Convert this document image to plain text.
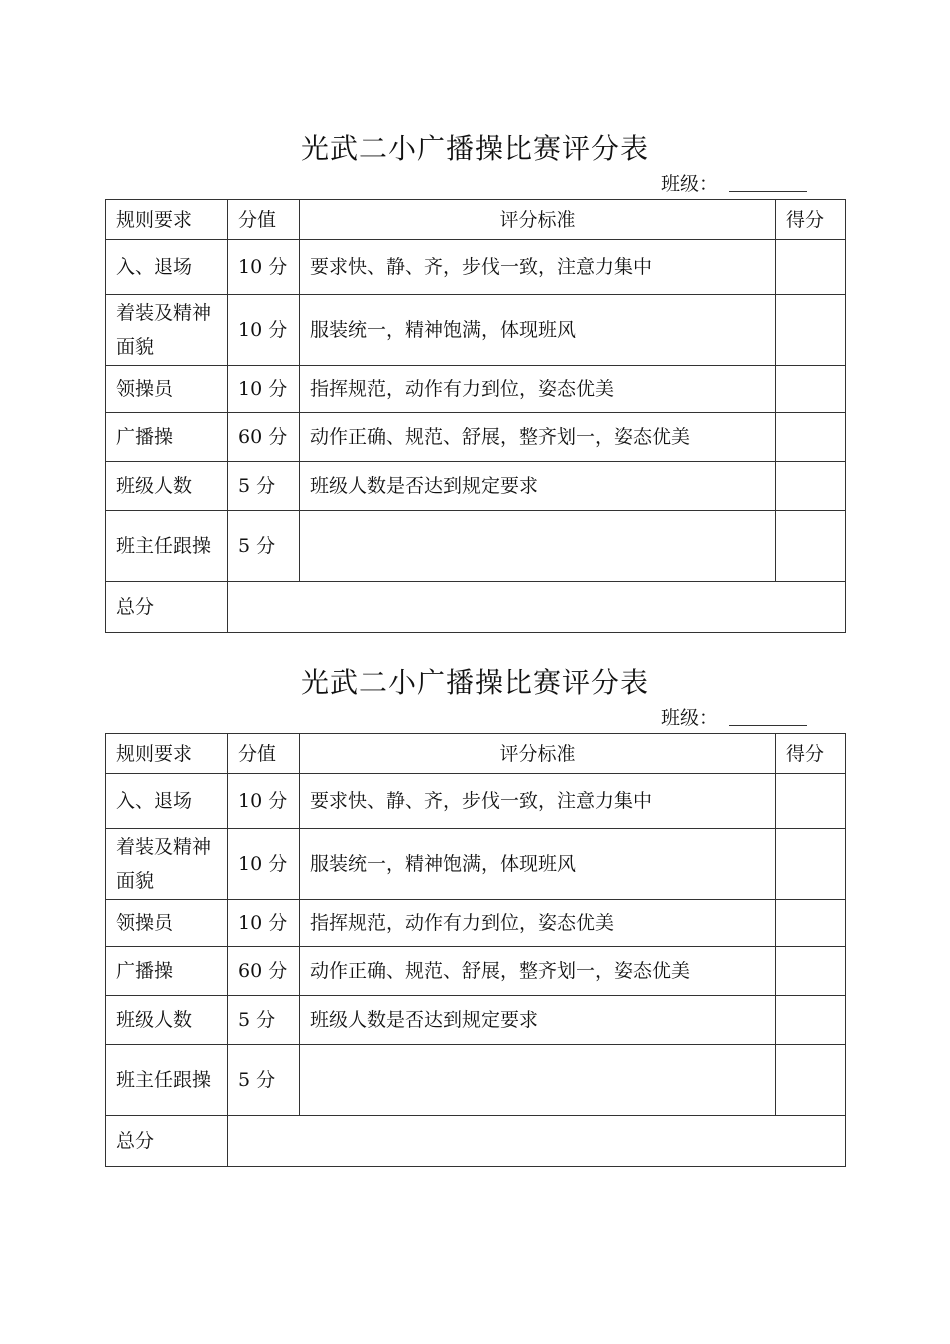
光武二小广播操比赛评分表
班级：
规则要求	分值	评分标准	得分
入、退场	10 分	要求快、静、齐，步伐一致，注意力集中	
着装及精神面貌	10 分	服装统一，精神饱满，体现班风	
领操员	10 分	指挥规范，动作有力到位，姿态优美	
广播操	60 分	动作正确、规范、舒展，整齐划一，姿态优美	
班级人数	5 分	班级人数是否达到规定要求	
班主任跟操	5 分		
总分			
光武二小广播操比赛评分表
班级：
规则要求	分值	评分标准	得分
入、退场	10 分	要求快、静、齐，步伐一致，注意力集中	
着装及精神面貌	10 分	服装统一，精神饱满，体现班风	
领操员	10 分	指挥规范，动作有力到位，姿态优美	
广播操	60 分	动作正确、规范、舒展，整齐划一，姿态优美	
班级人数	5 分	班级人数是否达到规定要求	
班主任跟操	5 分		
总分			
